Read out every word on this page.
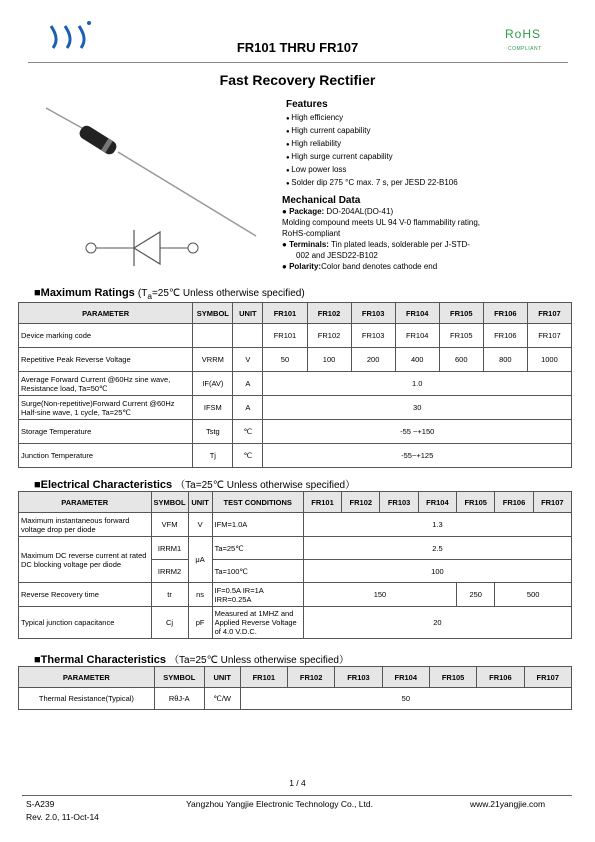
FR101 THRU FR107
RoHS
COMPLIANT
Fast Recovery Rectifier
Features
● High efficiency
● High current capability
● High reliability
● High surge current capability
● Low power loss
● Solder dip 275 °C max. 7 s, per JESD 22-B106
Mechanical Data

● Package: DO-204AL(DO-41)

Molding compound meets UL 94 V-0 flammability rating,

RoHS-compliant

● Terminals: Tin plated leads, solderable per J-STD-

002 and JESD22-B102

● Polarity:Color band denotes cathode end

■Maximum Ratings ($T_a=25℃$ Unless otherwise specified)
PARAMETER	SYMBOL	UNIT	FR101	FR102	FR103	FR104	FR105	FR106	FR107
Device marking code			FR101	FR102	FR103	FR104	FR105	FR106	FR107
Repetitive Peak Reverse Voltage	VRRM	V	50	100	200	400	600	800	1000
Average Forward Current @60Hz sine wave, Resistance load, Ta=50℃	IF(AV)	A	1.0						
Surge(Non-repetitive)Forward Current @60Hz Half-sine wave, 1 cycle, Ta=25℃	IFSM	A	30						
Storage Temperature	Tstg	℃	-55 ~+150						
Junction Temperature	Tj	℃	-55~+125						
■Electrical Characteristics （Ta=25℃ Unless otherwise specified）
PARAMETER	SYMBOL	UNIT	TEST CONDITIONS	FR101	FR102	FR103	FR104	FR105	FR106	FR107
Maximum instantaneous forward voltage drop per diode	VFM	V	IFM=1.0A	1.3						
Maximum DC reverse current at rated DC blocking voltage per diode	IRRM1	μA	Ta=25℃	2.5						
	IRRM2		Ta=100℃	100						
Reverse Recovery time	tr	ns	IF=0.5A IR=1A
IRR=0.25A	150				250	500	
Typical junction capacitance	Cj	pF	Measured at 1MHZ and Applied Reverse Voltage of 4.0 V.D.C.	20						
■Thermal Characteristics （Ta=25℃ Unless otherwise specified）
PARAMETER	SYMBOL	UNIT	FR101	FR102	FR103	FR104	FR105	FR106	FR107
Thermal Resistance(Typical)	RθJ-A	℃/W	50						
1 / 4
S-A239
Rev. 2.0, 11-Oct-14
Yangzhou Yangjie Electronic Technology Co., Ltd.	www.21yangjie.com
